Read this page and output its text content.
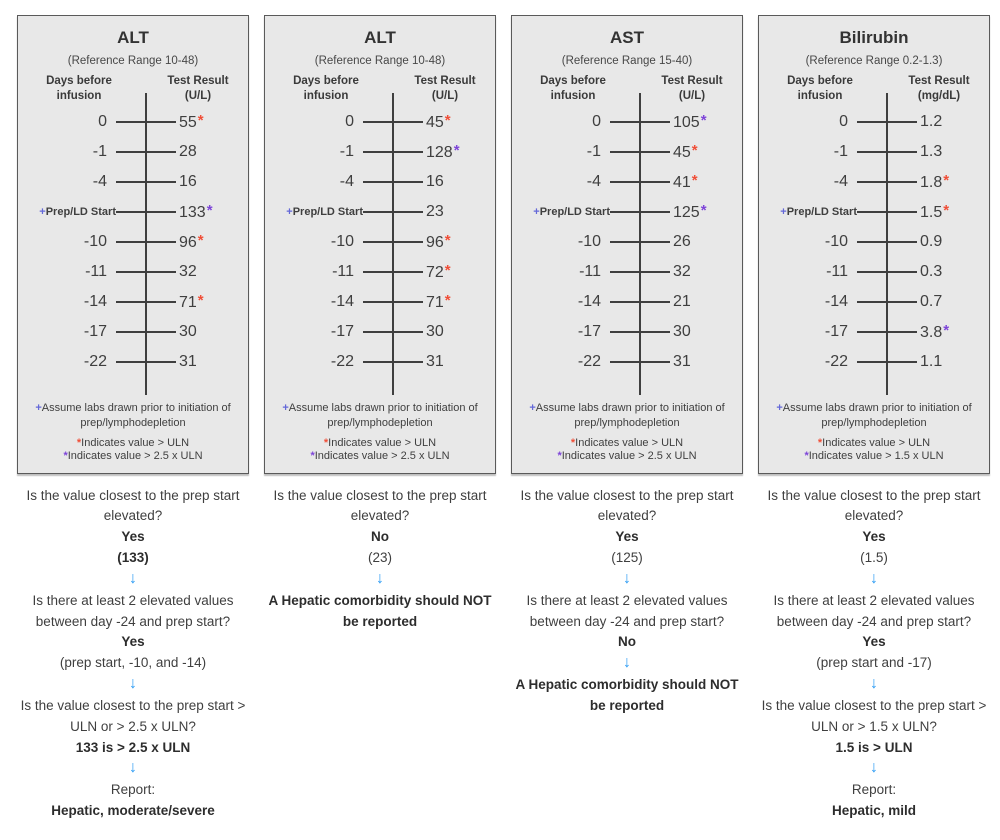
ALT
(Reference Range 10-48)
Days before
infusion
Test Result
(U/L)
0	55*
-1	28
-4	16
+Prep/LD Start	133*
-10	96*
-11	32
-14	71*
-17	30
-22	31

+Assume labs drawn prior to initiation of prep/lymphodepletion

*Indicates value > ULN

*Indicates value > 2.5 x ULN

Is the value closest to the prep start elevated?
Yes
(133)
↓
Is there at least 2 elevated values between day -24 and prep start?
Yes
(prep start, -10, and -14)
↓
Is the value closest to the prep start > ULN or > 2.5 x ULN?
133 is > 2.5 x ULN
↓
Report:
Hepatic, moderate/severe
ALT
(Reference Range 10-48)
Days before
infusion
Test Result
(U/L)
0	45*
-1	128*
-4	16
+Prep/LD Start	23
-10	96*
-11	72*
-14	71*
-17	30
-22	31

+Assume labs drawn prior to initiation of prep/lymphodepletion

*Indicates value > ULN

*Indicates value > 2.5 x ULN

Is the value closest to the prep start elevated?
No
(23)
↓
A Hepatic comorbidity should NOT be reported
AST
(Reference Range 15-40)
Days before
infusion
Test Result
(U/L)
0	105*
-1	45*
-4	41*
+Prep/LD Start	125*
-10	26
-11	32
-14	21
-17	30
-22	31

+Assume labs drawn prior to initiation of prep/lymphodepletion

*Indicates value > ULN

*Indicates value > 2.5 x ULN

Is the value closest to the prep start elevated?
Yes
(125)
↓
Is there at least 2 elevated values between day -24 and prep start?
No
↓
A Hepatic comorbidity should NOT be reported
Bilirubin
(Reference Range 0.2-1.3)
Days before
infusion
Test Result
(mg/dL)
0	1.2
-1	1.3
-4	1.8*
+Prep/LD Start	1.5*
-10	0.9
-11	0.3
-14	0.7
-17	3.8*
-22	1.1

+Assume labs drawn prior to initiation of prep/lymphodepletion

*Indicates value > ULN

*Indicates value > 1.5 x ULN

Is the value closest to the prep start elevated?
Yes
(1.5)
↓
Is there at least 2 elevated values between day -24 and prep start?
Yes
(prep start and -17)
↓
Is the value closest to the prep start > ULN or > 1.5 x ULN?
1.5 is > ULN
↓
Report:
Hepatic, mild
